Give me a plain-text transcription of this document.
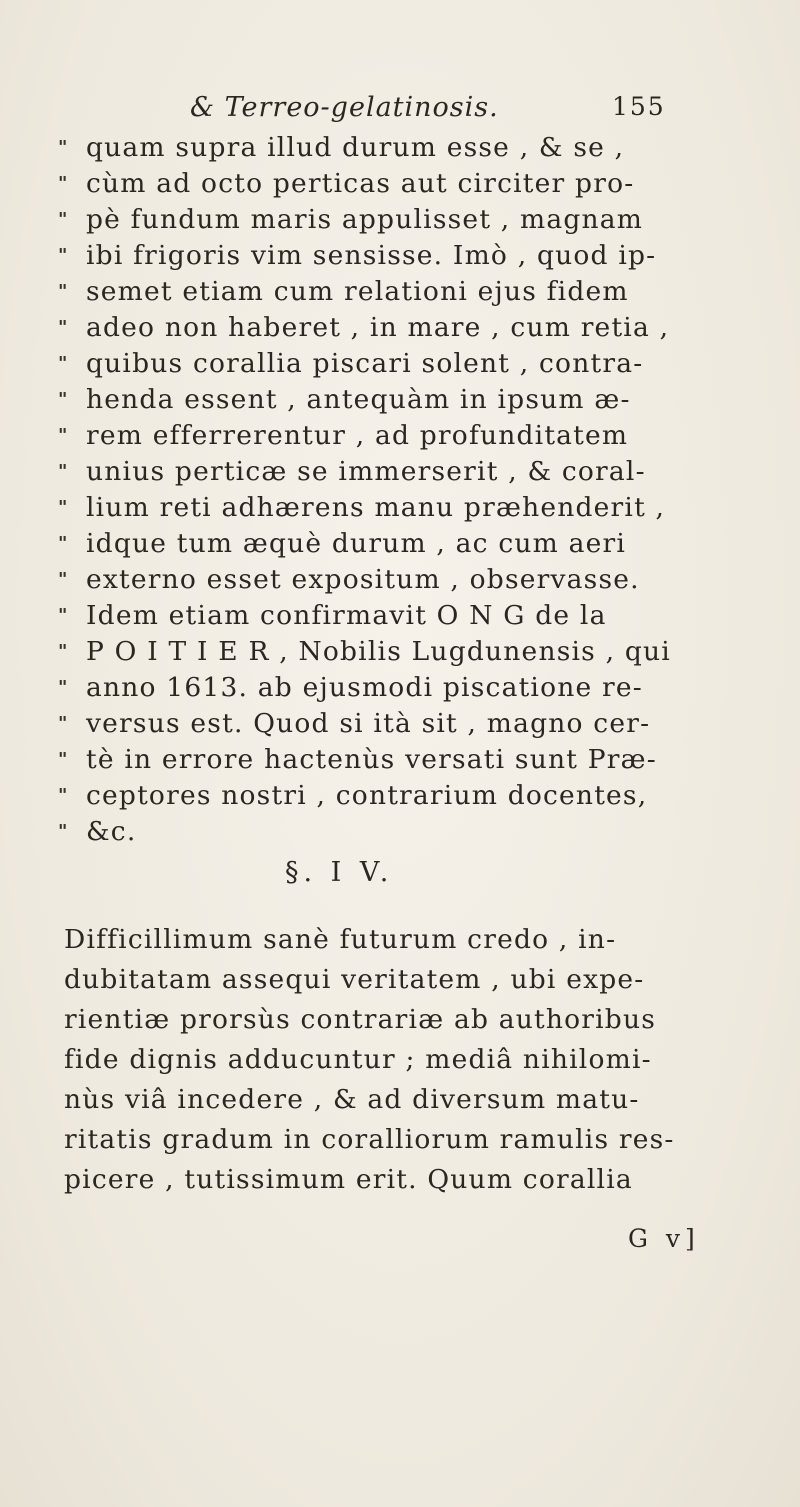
& Terreo-gelatinosis.	155
" quam supra illud durum esse , & se ,
" cùm ad octo perticas aut circiter pro-
" pè fundum maris appulisset , magnam
" ibi frigoris vim sensisse. Imò , quod ip-
" semet etiam cum relationi ejus fidem
" adeo non haberet , in mare , cum retia ,
" quibus corallia piscari solent , contra-
" henda essent , antequàm in ipsum æ-
" rem efferrerentur , ad profunditatem
" unius perticæ se immerserit , & coral-
" lium reti adhærens manu præhenderit ,
" idque tum æquè durum , ac cum aeri
" externo esset expositum , observasse.
" Idem etiam confirmavit O N G de la
" P O I T I E R , Nobilis Lugdunensis , qui
" anno 1613. ab ejusmodi piscatione re-
" versus est. Quod si ità sit , magno cer-
" tè in errore hactenùs versati sunt Præ-
" ceptores nostri , contrarium docentes,
" &c.
§. I V.
Difficillimum sanè futurum credo , in-
dubitatam assequi veritatem , ubi expe-
rientiæ prorsùs contrariæ ab authoribus
fide dignis adducuntur ; mediâ nihilomi-
nùs viâ incedere , & ad diversum matu-
ritatis gradum in coralliorum ramulis res-
picere , tutissimum erit. Quum corallia
G v]
